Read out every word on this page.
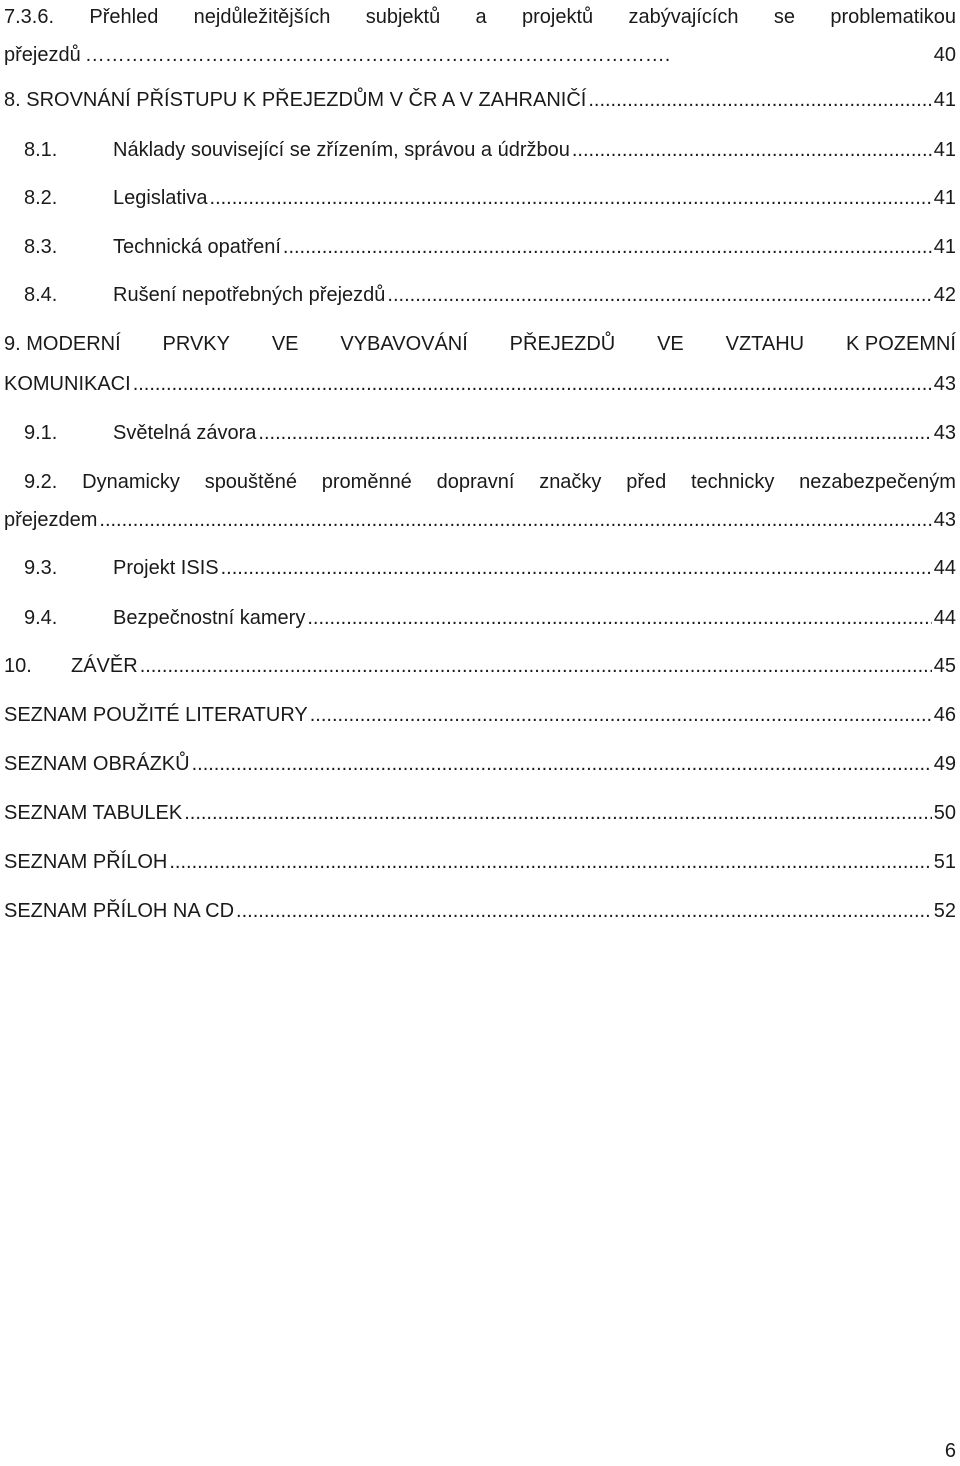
7.3.6. Přehled nejdůležitějších subjektů a projektů zabývajících se problematikou
přejezdů …………………………………………………………………………….	40
8. SROVNÁNÍ PŘÍSTUPU K PŘEJEZDŮM V ČR A V ZAHRANIČÍ .....	41
8.1.	Náklady související se zřízením, správou a údržbou .....	41
8.2.	Legislativa .....	41
8.3.	Technická opatření .....	41
8.4.	Rušení nepotřebných přejezdů .....	42
9. MODERNÍ PRVKY VE VYBAVOVÁNÍ PŘEJEZDŮ VE VZTAHU K POZEMNÍ
KOMUNIKACI .....	43
9.1.	Světelná závora .....	43
9.2. Dynamicky spouštěné proměnné dopravní značky před technicky nezabezpečeným
přejezdem .....	43
9.3.	Projekt ISIS .....	44
9.4.	Bezpečnostní kamery .....	44
10. ZÁVĚR .....	45
SEZNAM POUŽITÉ LITERATURY .....	46
SEZNAM OBRÁZKŮ .....	49
SEZNAM TABULEK .....	50
SEZNAM PŘÍLOH .....	51
SEZNAM PŘÍLOH NA CD .....	52
6
